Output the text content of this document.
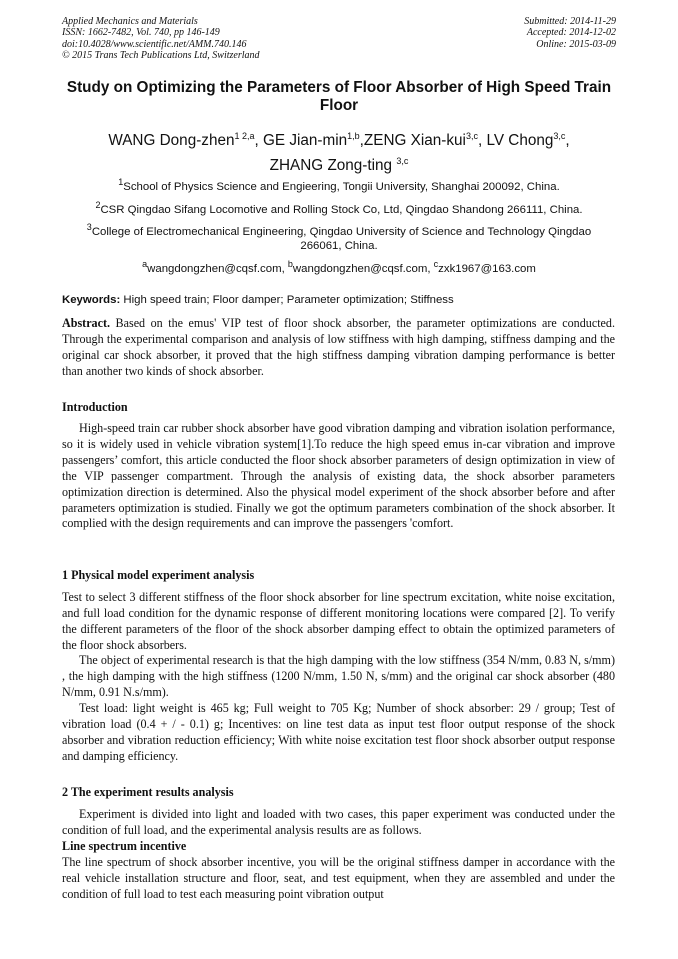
Applied Mechanics and Materials
ISSN: 1662-7482, Vol. 740, pp 146-149
doi:10.4028/www.scientific.net/AMM.740.146
© 2015 Trans Tech Publications Ltd, Switzerland
Submitted: 2014-11-29
Accepted: 2014-12-02
Online: 2015-03-09
Study on Optimizing the Parameters of Floor Absorber of High Speed Train Floor
WANG Dong-zhen$^{1 2,a}$, GE Jian-$\min^{1,b},ZENG$ Xian-kui$^{3,c}$, LV Chong$^{3,c}$,
ZHANG Zong-ting $^{3,c}$
$^1$School of Physics Science and Engieering, Tongii University, Shanghai 200092, China.
$^2$CSR Qingdao Sifang Locomotive and Rolling Stock Co, Ltd, Qingdao Shandong 266111, China.
$^3$College of Electromechanical Engineering, Qingdao University of Science and Technology Qingdao 266061, China.
$^a$wangdongzhen@cqsf.com, $^b$wangdongzhen@cqsf.com, $^c$zxk1967@163.com
Keywords: High speed train; Floor damper; Parameter optimization; Stiffness
Abstract. Based on the emus' VIP test of floor shock absorber, the parameter optimizations are conducted. Through the experimental comparison and analysis of low stiffness with high damping, stiffness damping and the original car shock absorber, it proved that the high stiffness damping vibration damping performance is better than another two kinds of shock absorber.
Introduction
High-speed train car rubber shock absorber have good vibration damping and vibration isolation performance, so it is widely used in vehicle vibration system[1].To reduce the high speed emus in-car vibration and improve passengers’ comfort, this article conducted the floor shock absorber parameters of design optimization in view of the VIP passenger compartment. Through the analysis of existing data, the shock absorber parameters optimization direction is determined. Also the physical model experiment of the shock absorber before and after parameters optimization is studied. Finally we got the optimum parameters combination of the shock absorber. It complied with the design requirements and can improve the passengers 'comfort.
1 Physical model experiment analysis
Test to select 3 different stiffness of the floor shock absorber for line spectrum excitation, white noise excitation, and full load condition for the dynamic response of different monitoring locations were compared [2]. To verify the different parameters of the floor of the shock absorber damping effect to obtain the optimized parameters of the floor shock absorbers.
The object of experimental research is that the high damping with the low stiffness (354 N/mm, 0.83 N, s/mm) , the high damping with the high stiffness (1200 N/mm, 1.50 N, s/mm) and the original car shock absorber (480 N/mm, 0.91 N.s/mm).
Test load: light weight is 465 kg; Full weight to 705 Kg; Number of shock absorber: 29 / group; Test of vibration load (0.4 + / - 0.1) g; Incentives: on line test data as input test floor output response of the shock absorber and vibration reduction efficiency; With white noise excitation test floor shock absorber output response and damping efficiency.
2 The experiment results analysis
Experiment is divided into light and loaded with two cases, this paper experiment was conducted under the condition of full load, and the experimental analysis results are as follows.
Line spectrum incentive
The line spectrum of shock absorber incentive, you will be the original stiffness damper in accordance with the real vehicle installation structure and floor, seat, and test equipment, when they are assembled and under the condition of full load to test each measuring point vibration output
